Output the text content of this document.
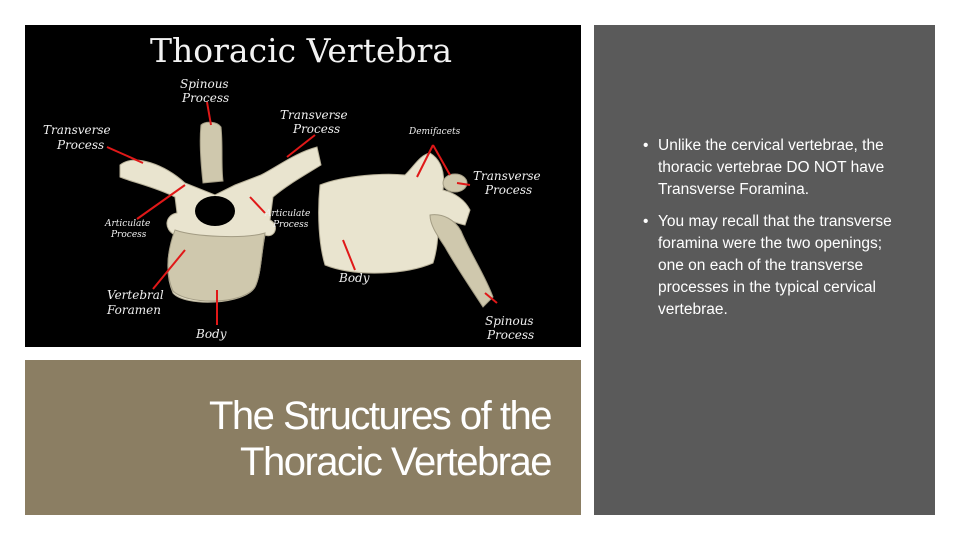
Thoracic Vertebra
Spinous
Process
Transverse
Process
Transverse
Process	Demifacets
Transverse
Process
Articulate
Process
Articulate
Process
Body
Vertebral
Foramen
Body
Spinous
Process
The Structures of the
Thoracic Vertebrae
• Unlike the cervical vertebrae, the thoracic vertebrae DO NOT have Transverse Foramina.
• You may recall that the transverse foramina were the two openings; one on each of the transverse processes in the typical cervical vertebrae.
